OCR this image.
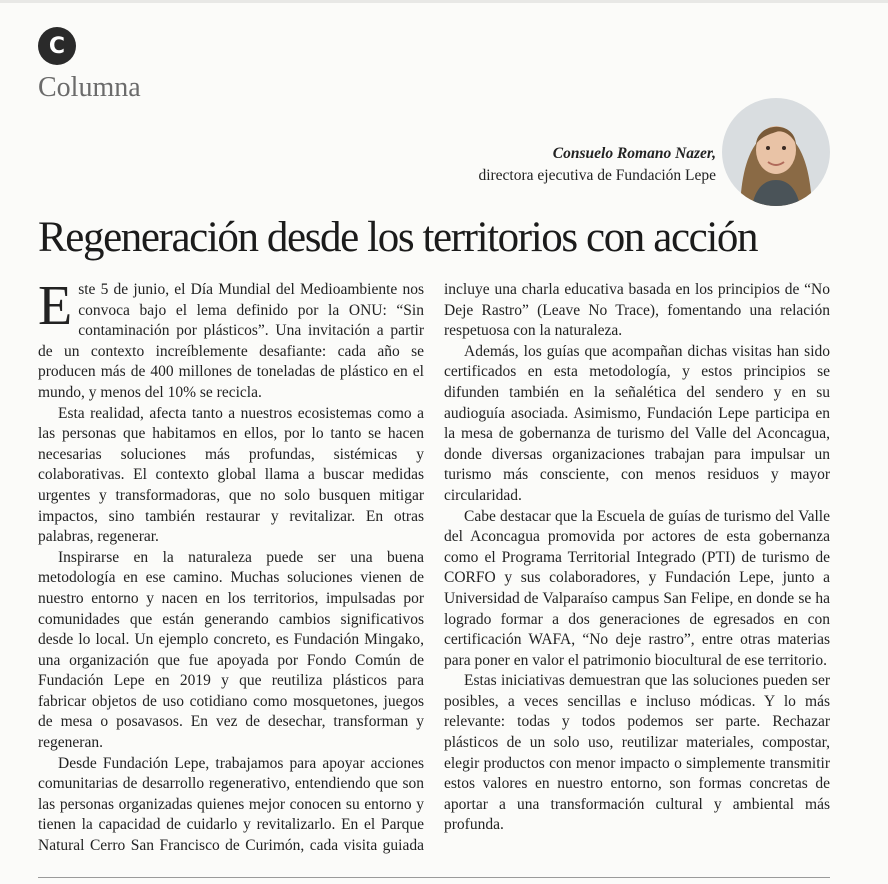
C
Columna
Consuelo Romano Nazer,
directora ejecutiva de Fundación Lepe
Regeneración desde los territorios con acción

Este 5 de junio, el Día Mundial del Medioambiente nos convoca bajo el lema definido por la ONU: “Sin contaminación por plásticos”. Una invitación a partir de un contexto increíblemente desafiante: cada año se producen más de 400 millones de toneladas de plástico en el mundo, y menos del 10% se recicla.

Esta realidad, afecta tanto a nuestros ecosistemas como a las personas que habitamos en ellos, por lo tanto se hacen necesarias soluciones más profundas, sistémicas y colaborativas. El contexto global llama a buscar medidas urgentes y transformadoras, que no solo busquen mitigar impactos, sino también restaurar y revitalizar. En otras palabras, regenerar.

Inspirarse en la naturaleza puede ser una buena metodología en ese camino. Muchas soluciones vienen de nuestro entorno y nacen en los territorios, impulsadas por comunidades que están generando cambios significativos desde lo local. Un ejemplo concreto, es Fundación Mingako, una organización que fue apoyada por Fondo Común de Fundación Lepe en 2019 y que reutiliza plásticos para fabricar objetos de uso cotidiano como mosquetones, juegos de mesa o posavasos. En vez de desechar, transforman y regeneran.

Desde Fundación Lepe, trabajamos para apoyar acciones comunitarias de desarrollo regenerativo, entendiendo que son las personas organizadas quienes mejor conocen su entorno y tienen la capacidad de cuidarlo y revitalizarlo. En el Parque Natural Cerro San Francisco de Curimón, cada visita guiada incluye una charla educativa basada en los principios de “No Deje Rastro” (Leave No Trace), fomentando una relación respetuosa con la naturaleza.

Además, los guías que acompañan dichas visitas han sido certificados en esta metodología, y estos principios se difunden también en la señalética del sendero y en su audioguía asociada. Asimismo, Fundación Lepe participa en la mesa de gobernanza de turismo del Valle del Aconcagua, donde diversas organizaciones trabajan para impulsar un turismo más consciente, con menos residuos y mayor circularidad.

Cabe destacar que la Escuela de guías de turismo del Valle del Aconcagua promovida por actores de esta gobernanza como el Programa Territorial Integrado (PTI) de turismo de CORFO y sus colaboradores, y Fundación Lepe, junto a Universidad de Valparaíso campus San Felipe, en donde se ha logrado formar a dos generaciones de egresados en con certificación WAFA, “No deje rastro”, entre otras materias para poner en valor el patrimonio biocultural de ese territorio.

Estas iniciativas demuestran que las soluciones pueden ser posibles, a veces sencillas e incluso módicas. Y lo más relevante: todas y todos podemos ser parte. Rechazar plásticos de un solo uso, reutilizar materiales, compostar, elegir productos con menor impacto o simplemente transmitir estos valores en nuestro entorno, son formas concretas de aportar a una transformación cultural y ambiental más profunda.
